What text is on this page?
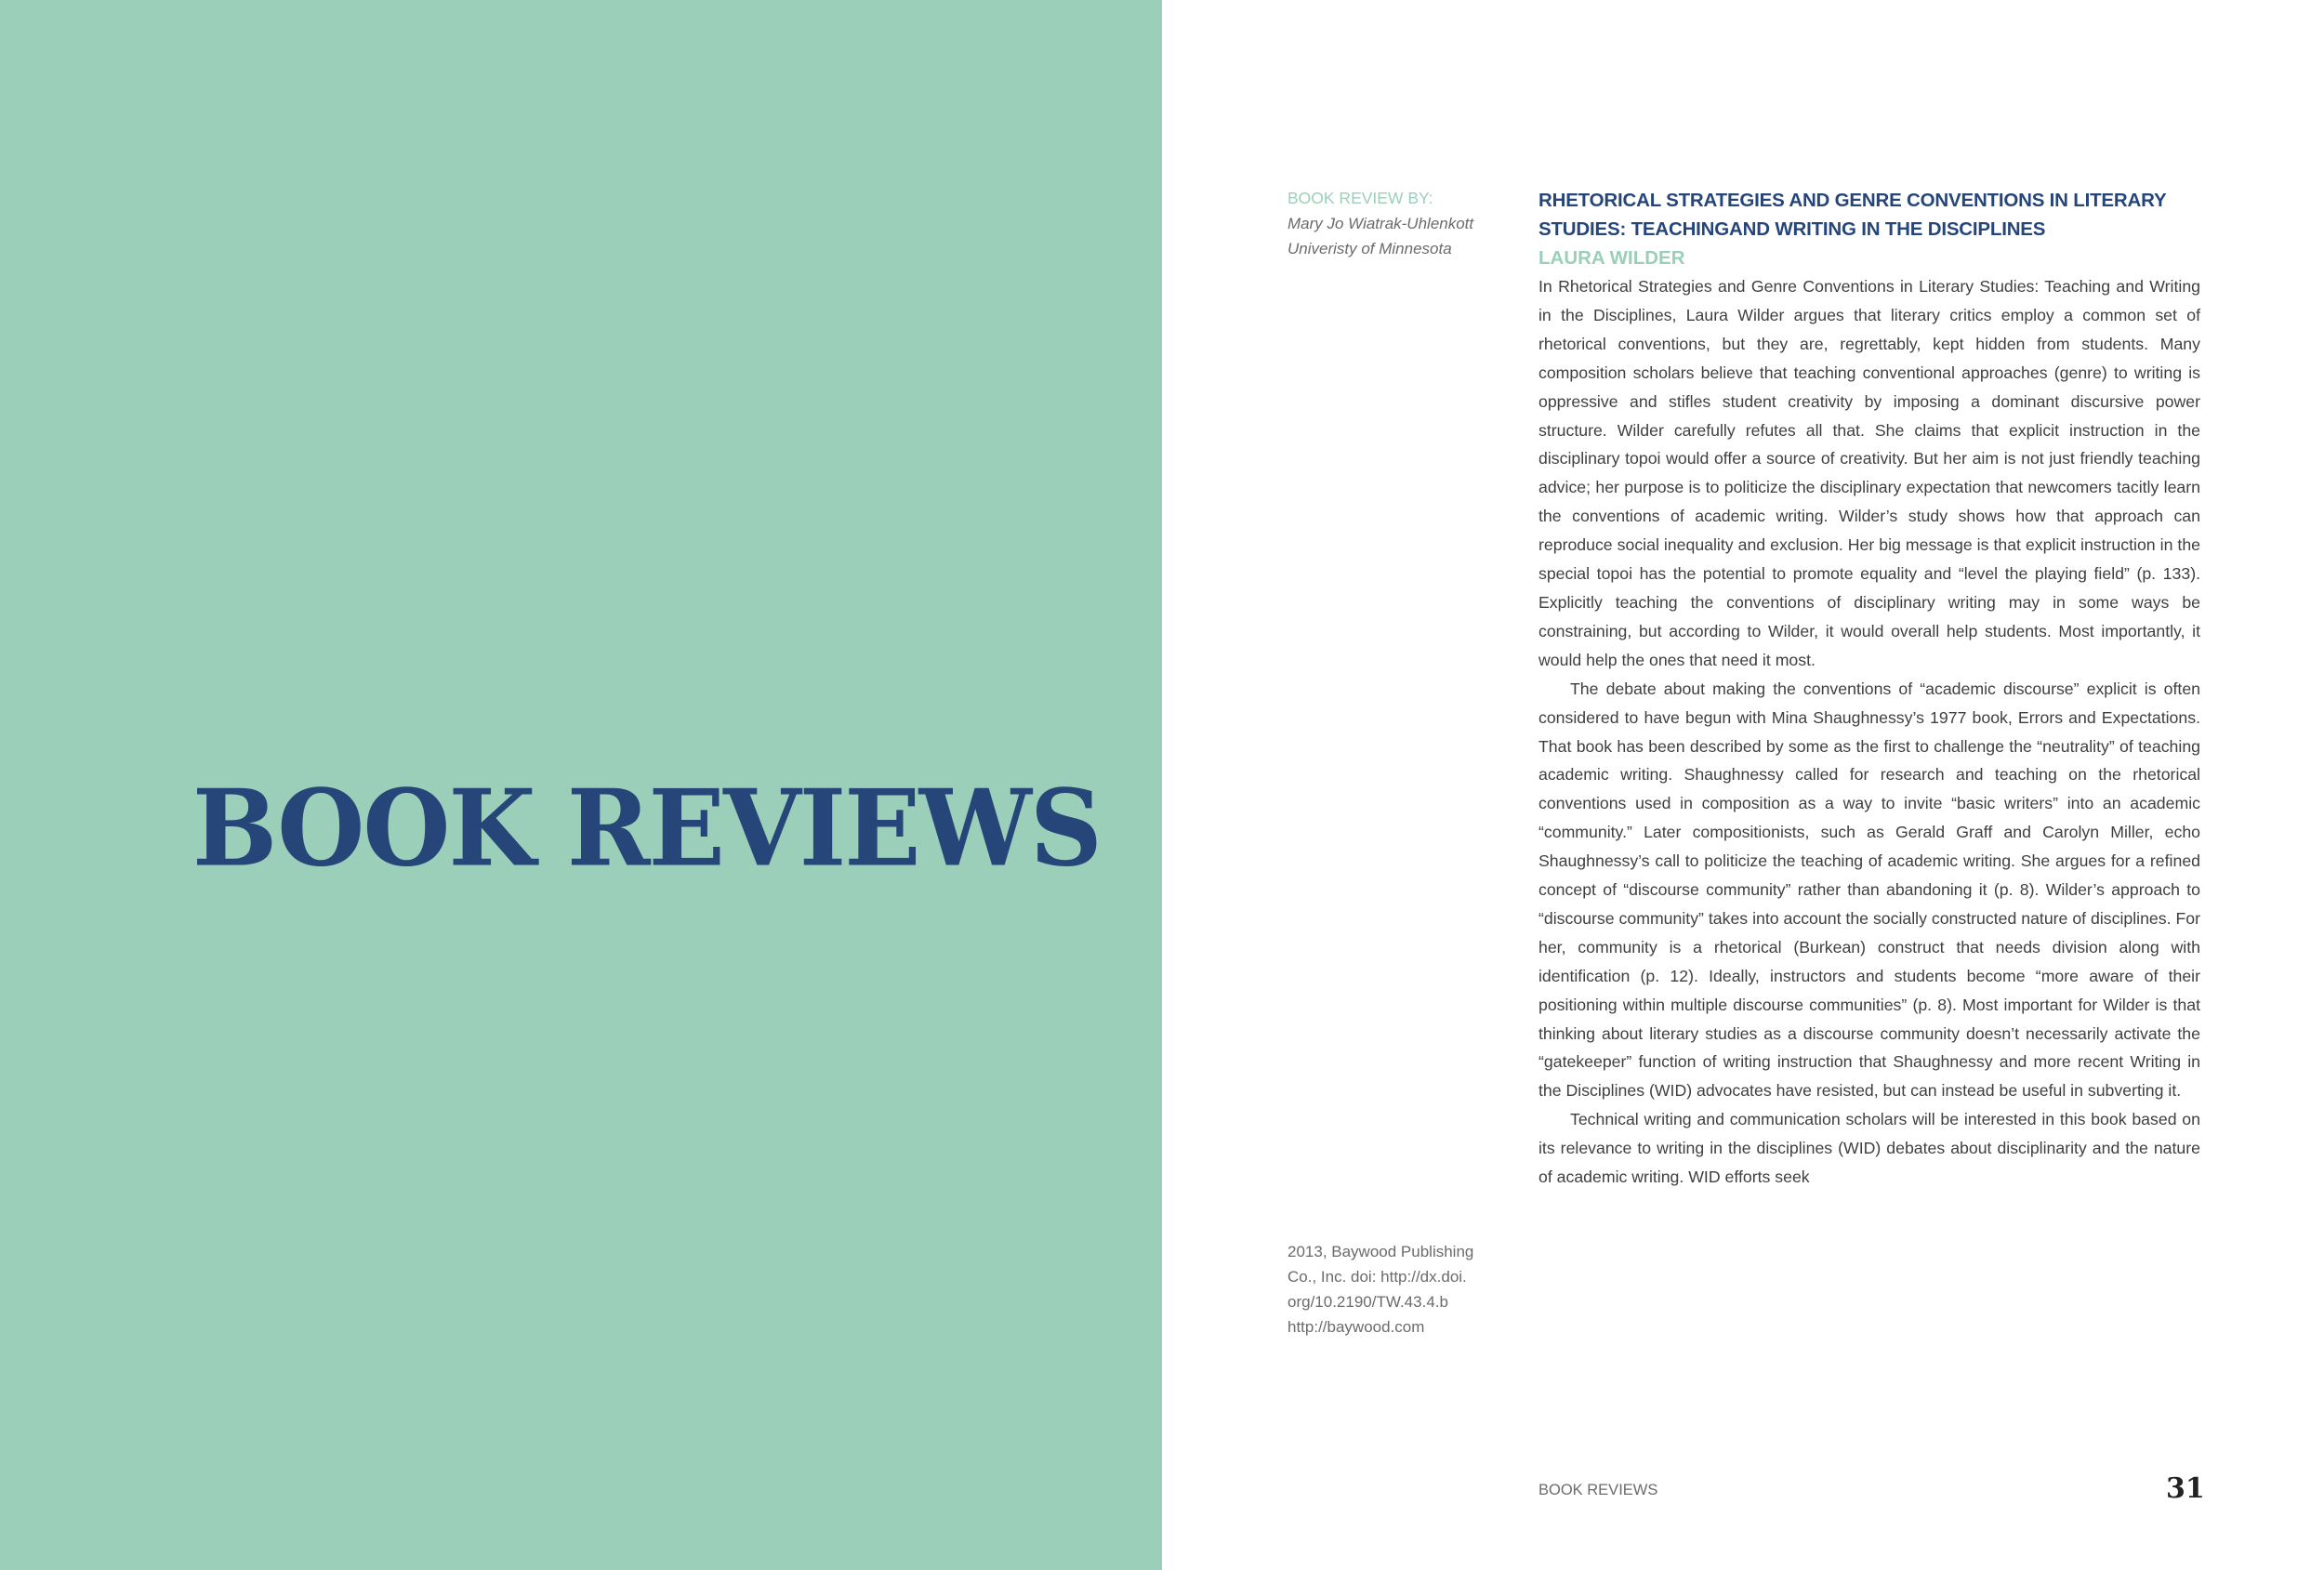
BOOK REVIEWS
BOOK REVIEW BY:
Mary Jo Wiatrak-Uhlenkott
Univeristy of Minnesota
2013, Baywood Publishing
Co., Inc. doi: http://dx.doi.
org/10.2190/TW.43.4.b
http://baywood.com
RHETORICAL STRATEGIES AND GENRE CONVENTIONS IN LITERARY STUDIES: TEACHINGAND WRITING IN THE DISCIPLINES
LAURA WILDER

In Rhetorical Strategies and Genre Conventions in Literary Studies: Teaching and Writing in the Disciplines, Laura Wilder argues that literary critics employ a common set of rhetorical conventions, but they are, regrettably, kept hidden from students. Many composition scholars believe that teaching conventional approaches (genre) to writing is oppressive and stifles student creativity by imposing a dominant discursive power structure. Wilder carefully refutes all that. She claims that explicit instruction in the disciplinary topoi would offer a source of creativity. But her aim is not just friendly teaching advice; her purpose is to politicize the disciplinary expectation that newcomers tacitly learn the conventions of academic writing. Wilder’s study shows how that approach can reproduce social inequality and exclusion. Her big message is that explicit instruction in the special topoi has the potential to promote equality and “level the playing field” (p. 133). Explicitly teaching the conventions of disciplinary writing may in some ways be constraining, but according to Wilder, it would overall help students. Most importantly, it would help the ones that need it most.

The debate about making the conventions of “academic discourse” explicit is often considered to have begun with Mina Shaughnessy’s 1977 book, Errors and Expectations. That book has been described by some as the first to challenge the “neutrality” of teaching academic writing. Shaughnessy called for research and teaching on the rhetorical conventions used in composition as a way to invite “basic writers” into an academic “community.” Later compositionists, such as Gerald Graff and Carolyn Miller, echo Shaughnessy’s call to politicize the teaching of academic writing. She argues for a refined concept of “discourse community” rather than abandoning it (p. 8). Wilder’s approach to “discourse community” takes into account the socially constructed nature of disciplines. For her, community is a rhetorical (Burkean) construct that needs division along with identification (p. 12). Ideally, instructors and students become “more aware of their positioning within multiple discourse communities” (p. 8). Most important for Wilder is that thinking about literary studies as a discourse community doesn’t necessarily activate the “gatekeeper” function of writing instruction that Shaughnessy and more recent Writing in the Disciplines (WID) advocates have resisted, but can instead be useful in subverting it.

Technical writing and communication scholars will be interested in this book based on its relevance to writing in the disciplines (WID) debates about disciplinarity and the nature of academic writing. WID efforts seek

BOOK REVIEWS	31
